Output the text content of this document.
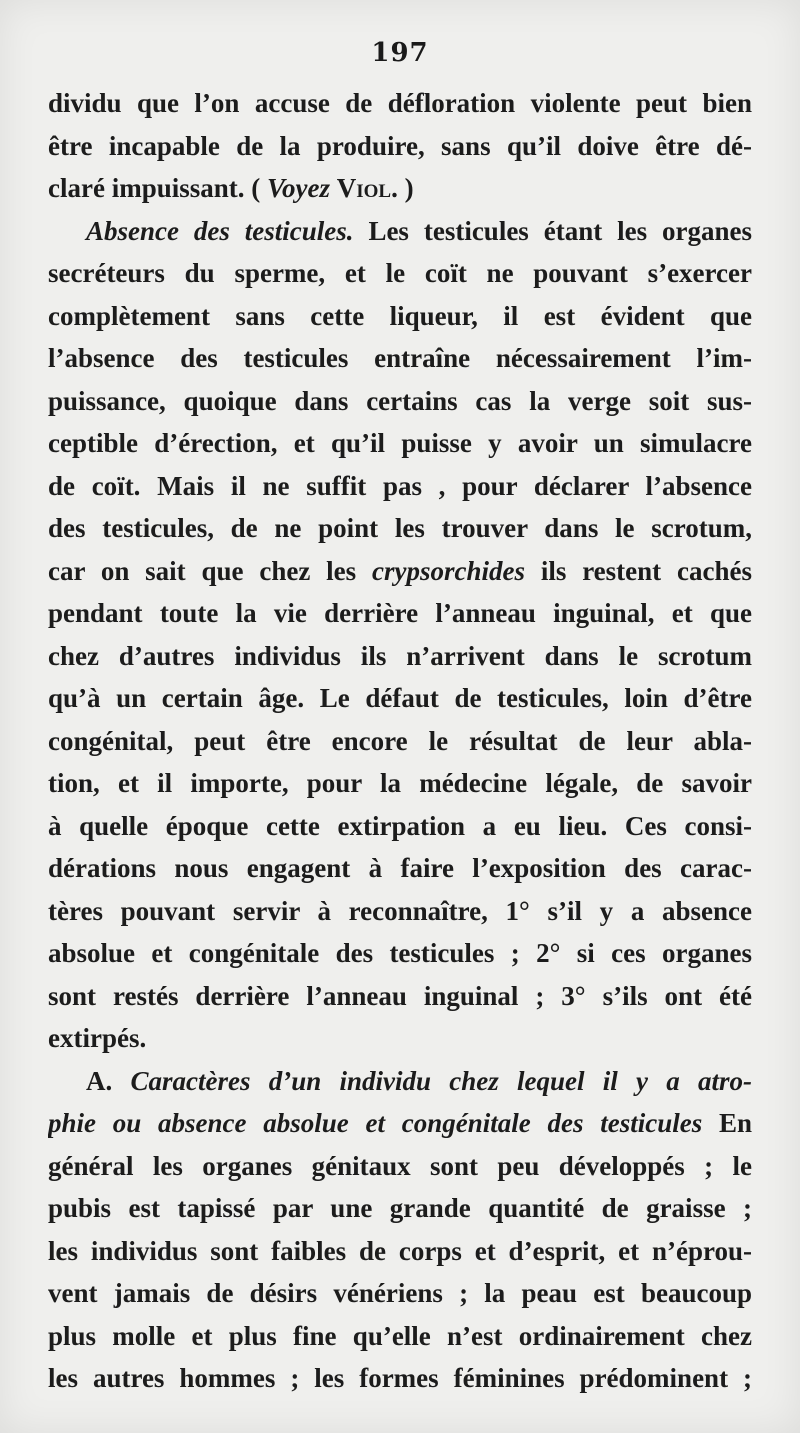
197
dividu que l’on accuse de défloration violente peut bien
être incapable de la produire, sans qu’il doive être dé-
claré impuissant. ( Voyez Viol. )
Absence des testicules. Les testicules étant les organes
secréteurs du sperme, et le coït ne pouvant s’exercer
complètement sans cette liqueur, il est évident que
l’absence des testicules entraîne nécessairement l’im-
puissance, quoique dans certains cas la verge soit sus-
ceptible d’érection, et qu’il puisse y avoir un simulacre
de coït. Mais il ne suffit pas , pour déclarer l’absence
des testicules, de ne point les trouver dans le scrotum,
car on sait que chez les crypsorchides ils restent cachés
pendant toute la vie derrière l’anneau inguinal, et que
chez d’autres individus ils n’arrivent dans le scrotum
qu’à un certain âge. Le défaut de testicules, loin d’être
congénital, peut être encore le résultat de leur abla-
tion, et il importe, pour la médecine légale, de savoir
à quelle époque cette extirpation a eu lieu. Ces consi-
dérations nous engagent à faire l’exposition des carac-
tères pouvant servir à reconnaître, 1° s’il y a absence
absolue et congénitale des testicules ; 2° si ces organes
sont restés derrière l’anneau inguinal ; 3° s’ils ont été
extirpés.
A. Caractères d’un individu chez lequel il y a atro-
phie ou absence absolue et congénitale des testicules En
général les organes génitaux sont peu développés ; le
pubis est tapissé par une grande quantité de graisse ;
les individus sont faibles de corps et d’esprit, et n’éprou-
vent jamais de désirs vénériens ; la peau est beaucoup
plus molle et plus fine qu’elle n’est ordinairement chez
les autres hommes ; les formes féminines prédominent ;
